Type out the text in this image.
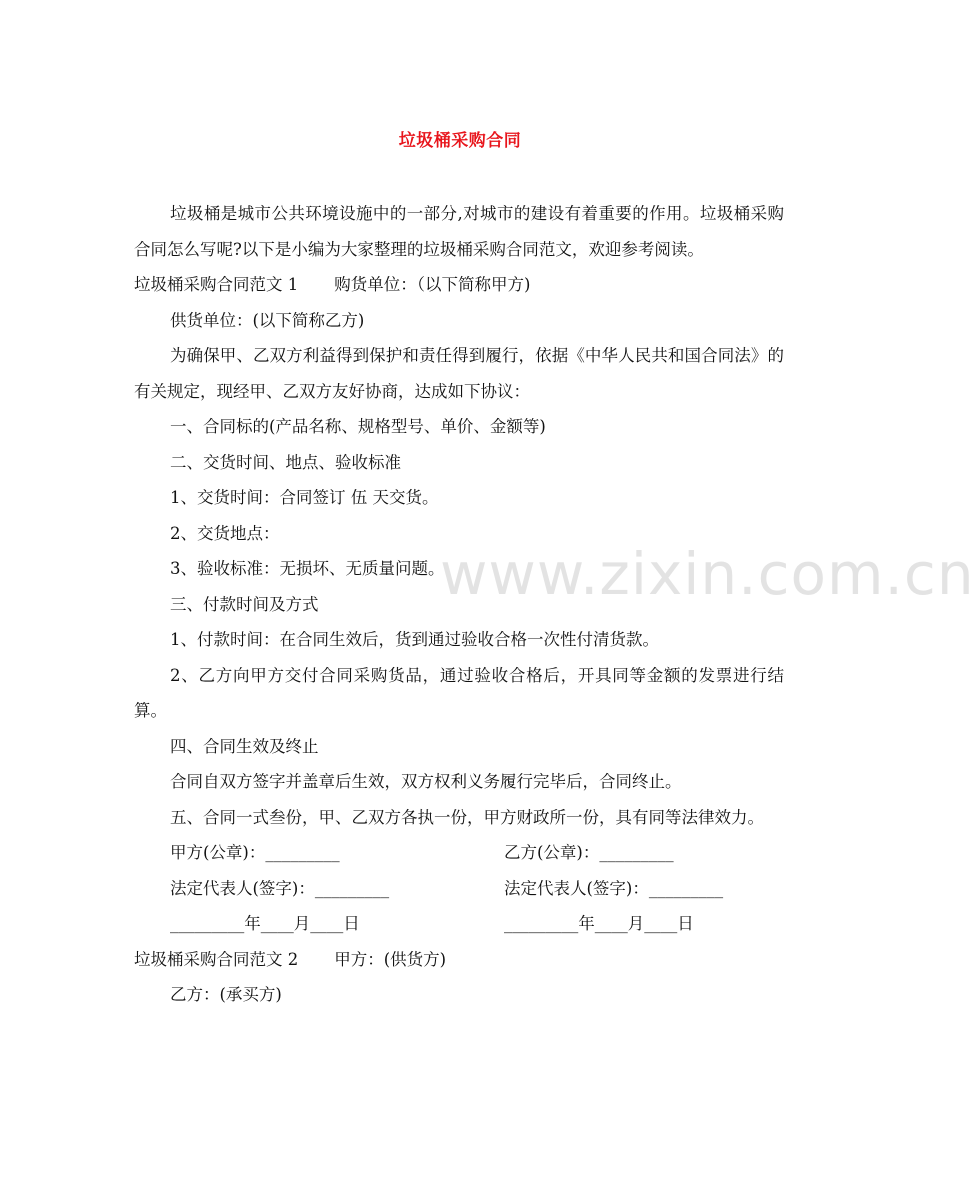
垃圾桶采购合同

垃圾桶是城市公共环境设施中的一部分,对城市的建设有着重要的作用。垃圾桶采购合同怎么写呢?以下是小编为大家整理的垃圾桶采购合同范文，欢迎参考阅读。

垃圾桶采购合同范文 1 购货单位：（以下简称甲方)

供货单位：(以下简称乙方)

为确保甲、乙双方利益得到保护和责任得到履行，依据《中华人民共和国合同法》的有关规定，现经甲、乙双方友好协商，达成如下协议：

一、合同标的(产品名称、规格型号、单价、金额等)

二、交货时间、地点、验收标准

1、交货时间：合同签订 伍 天交货。

2、交货地点：

3、验收标准：无损坏、无质量问题。

三、付款时间及方式

1、付款时间：在合同生效后，货到通过验收合格一次性付清货款。

2、乙方向甲方交付合同采购货品，通过验收合格后，开具同等金额的发票进行结算。

四、合同生效及终止

合同自双方签字并盖章后生效，双方权利义务履行完毕后，合同终止。

五、合同一式叁份，甲、乙双方各执一份，甲方财政所一份，具有同等法律效力。

甲方(公章)：_________	乙方(公章)：_________
法定代表人(签字)：_________	法定代表人(签字)：_________
_________年____月____日	_________年____月____日

垃圾桶采购合同范文 2 甲方：(供货方)

乙方：(承买方)

www.zixin.com.cn
